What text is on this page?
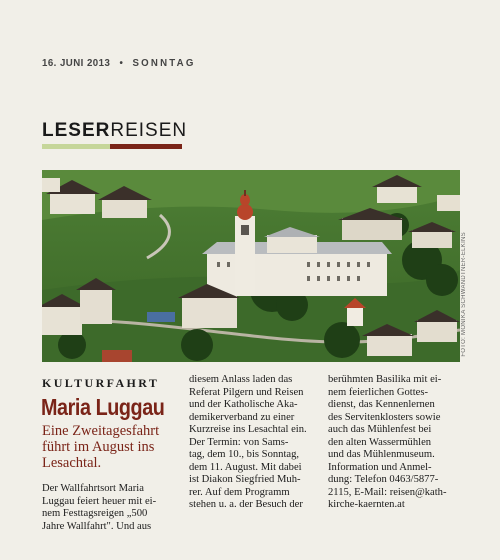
16. JUNI 2013 • SONNTAG
LESERREISEN
FOTO: MONIKA SCHWANDTNER-ELKINS
KULTURFAHRT
Maria Luggau
Eine Zweitagesfahrt
führt im August ins
Lesachtal.
Der Wallfahrtsort Maria
Luggau feiert heuer mit ei-
nem Festtagsreigen „500
Jahre Wallfahrt". Und aus
diesem Anlass laden das
Referat Pilgern und Reisen
und der Katholische Aka-
demikerverband zu einer
Kurzreise ins Lesachtal ein.
Der Termin: von Sams-
tag, dem 10., bis Sonntag,
dem 11. August. Mit dabei
ist Diakon Siegfried Muh-
rer. Auf dem Programm
stehen u. a. der Besuch der
berühmten Basilika mit ei-
nem feierlichen Gottes-
dienst, das Kennenlernen
des Servitenklosters sowie
auch das Mühlenfest bei
den alten Wassermühlen
und das Mühlenmuseum.
Information und Anmel-
dung: Telefon 0463/5877-
2115, E-Mail: reisen@kath-
kirche-kaernten.at
